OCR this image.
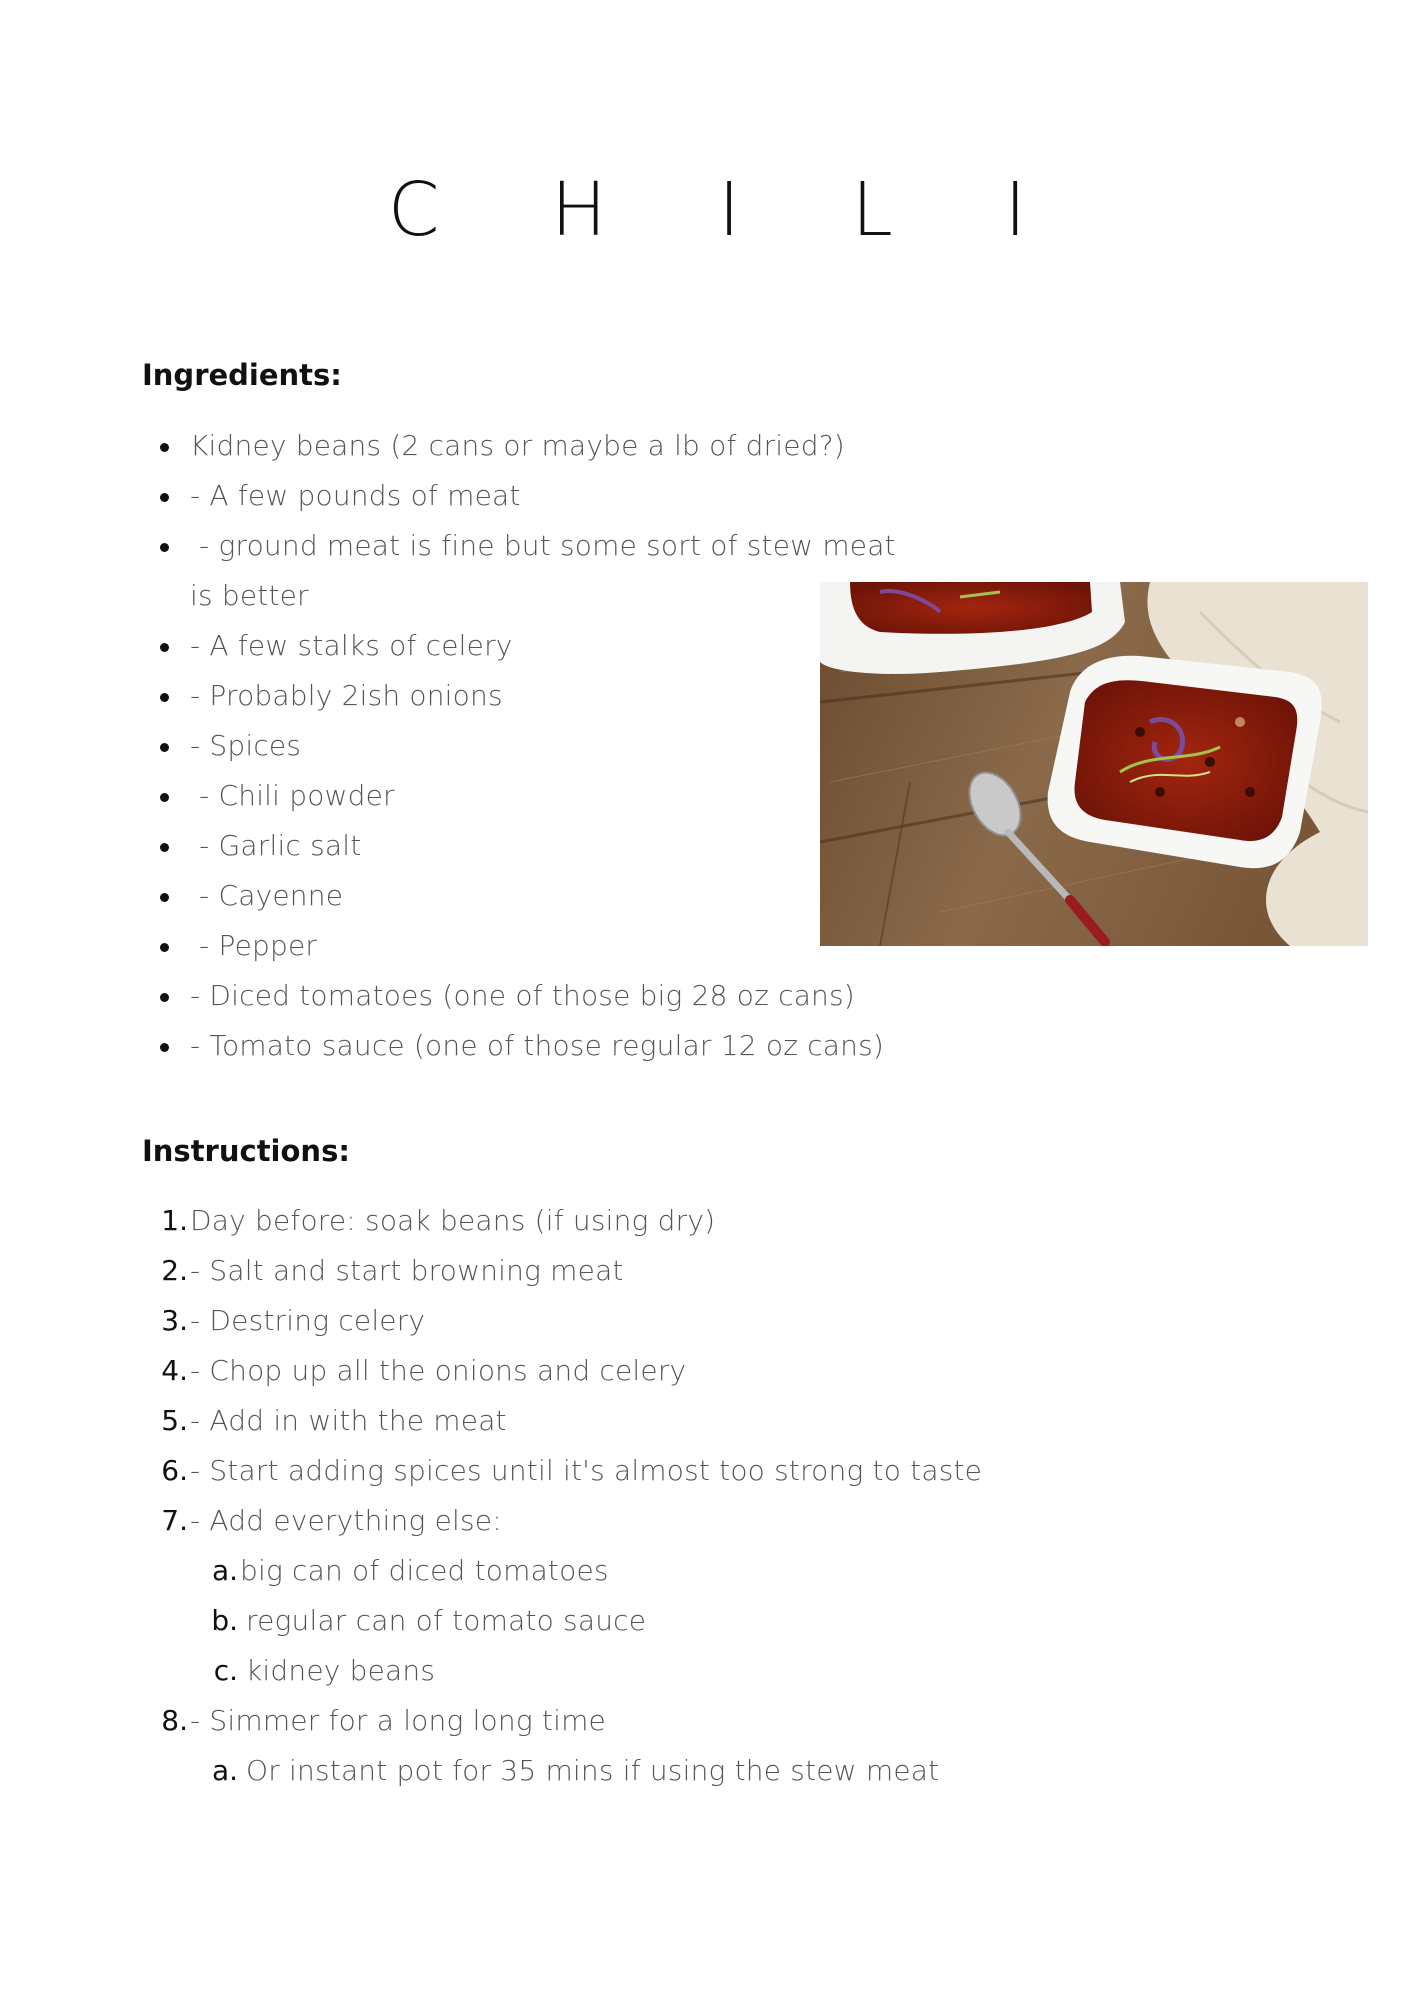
C H I L I
Ingredients:
Kidney beans (2 cans or maybe a lb of dried?)
- A few pounds of meat
- ground meat is fine but some sort of stew meat
is better
- A few stalks of celery
- Probably 2ish onions
- Spices
- Chili powder
- Garlic salt
- Cayenne
- Pepper
- Diced tomatoes (one of those big 28 oz cans)
- Tomato sauce (one of those regular 12 oz cans)
Instructions:
1. Day before: soak beans (if using dry)
2. - Salt and start browning meat
3. - Destring celery
4. - Chop up all the onions and celery
5. - Add in with the meat
6. - Start adding spices until it's almost too strong to taste
7. - Add everything else:
a. big can of diced tomatoes
b. regular can of tomato sauce
c. kidney beans
8. - Simmer for a long long time
a. Or instant pot for 35 mins if using the stew meat
